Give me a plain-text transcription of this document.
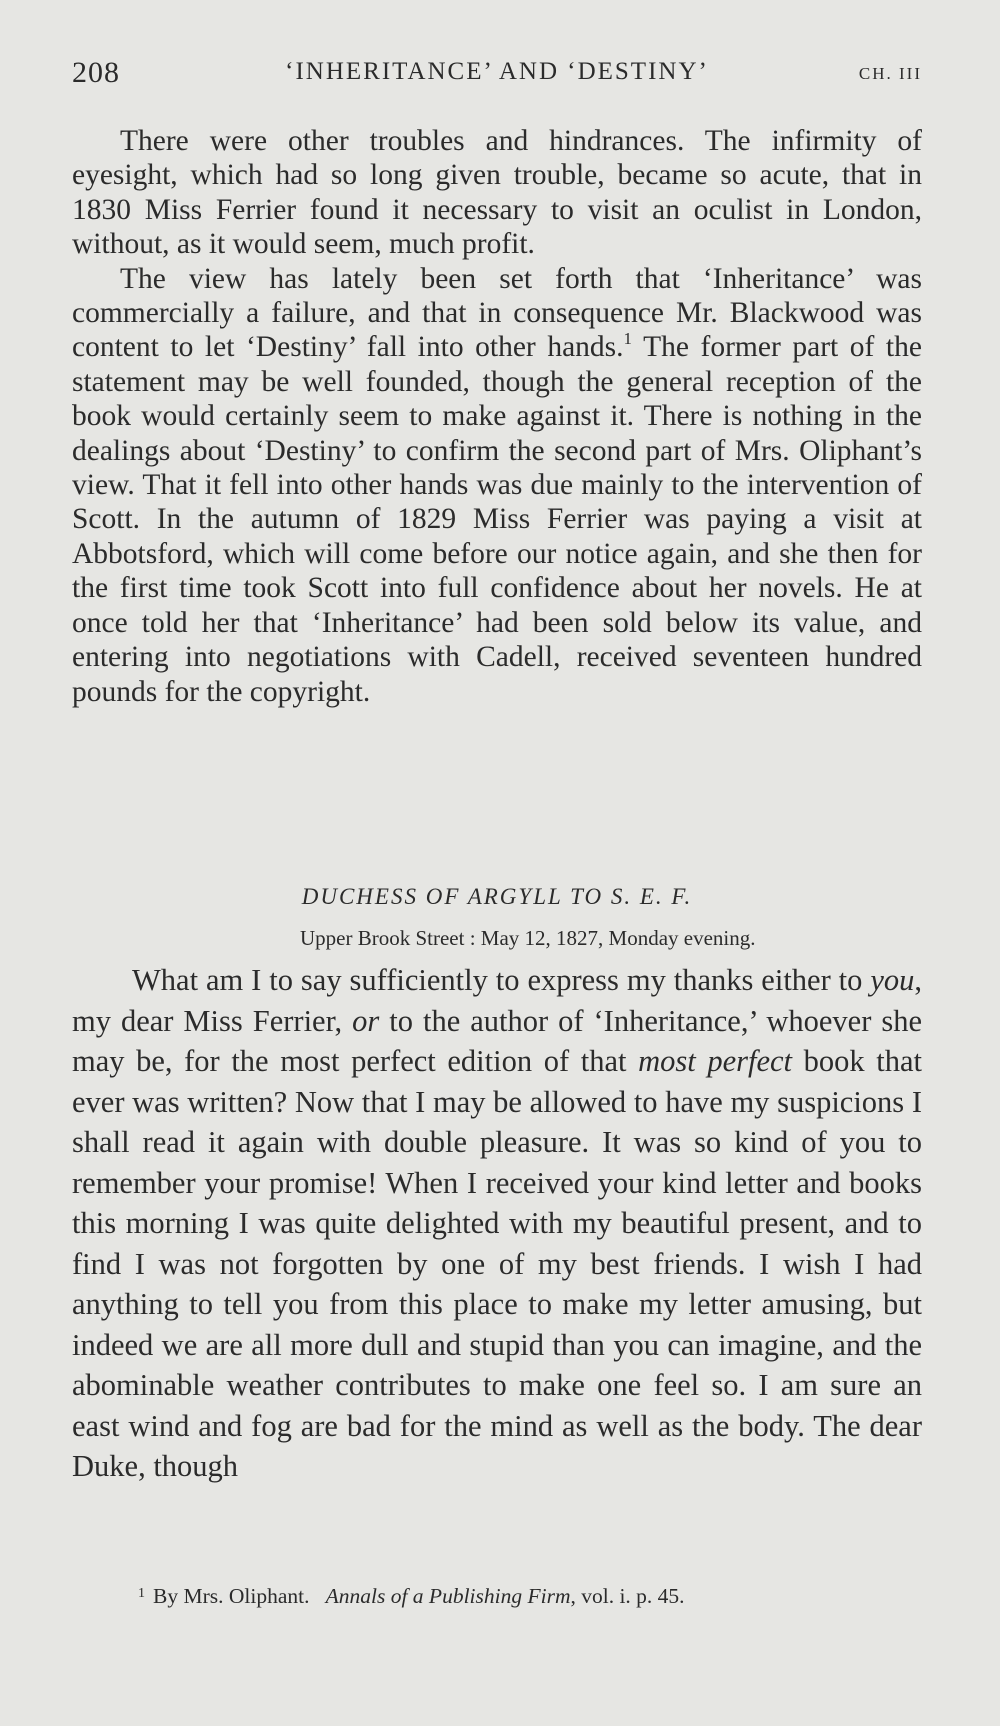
208	‘INHERITANCE’ AND ‘DESTINY’	CH. III

There were other troubles and hindrances. The infirmity of eyesight, which had so long given trouble, became so acute, that in 1830 Miss Ferrier found it necessary to visit an oculist in London, without, as it would seem, much profit.

The view has lately been set forth that ‘Inheritance’ was commercially a failure, and that in consequence Mr. Blackwood was content to let ‘Destiny’ fall into other hands.$^1$ The former part of the statement may be well founded, though the general reception of the book would certainly seem to make against it. There is nothing in the dealings about ‘Destiny’ to confirm the second part of Mrs. Oliphant’s view. That it fell into other hands was due mainly to the intervention of Scott. In the autumn of 1829 Miss Ferrier was paying a visit at Abbotsford, which will come before our notice again, and she then for the first time took Scott into full confidence about her novels. He at once told her that ‘Inheritance’ had been sold below its value, and entering into negotiations with Cadell, received seventeen hundred pounds for the copyright.

DUCHESS OF ARGYLL TO S. E. F.
Upper Brook Street : May 12, 1827, Monday evening.

What am I to say sufficiently to express my thanks either to you, my dear Miss Ferrier, or to the author of ‘Inheritance,’ whoever she may be, for the most perfect edition of that most perfect book that ever was written? Now that I may be allowed to have my suspicions I shall read it again with double pleasure. It was so kind of you to remember your promise! When I received your kind letter and books this morning I was quite delighted with my beautiful present, and to find I was not forgotten by one of my best friends. I wish I had anything to tell you from this place to make my letter amusing, but indeed we are all more dull and stupid than you can imagine, and the abominable weather contributes to make one feel so. I am sure an east wind and fog are bad for the mind as well as the body. The dear Duke, though

$^1$ By Mrs. Oliphant. Annals of a Publishing Firm, vol. i. p. 45.
